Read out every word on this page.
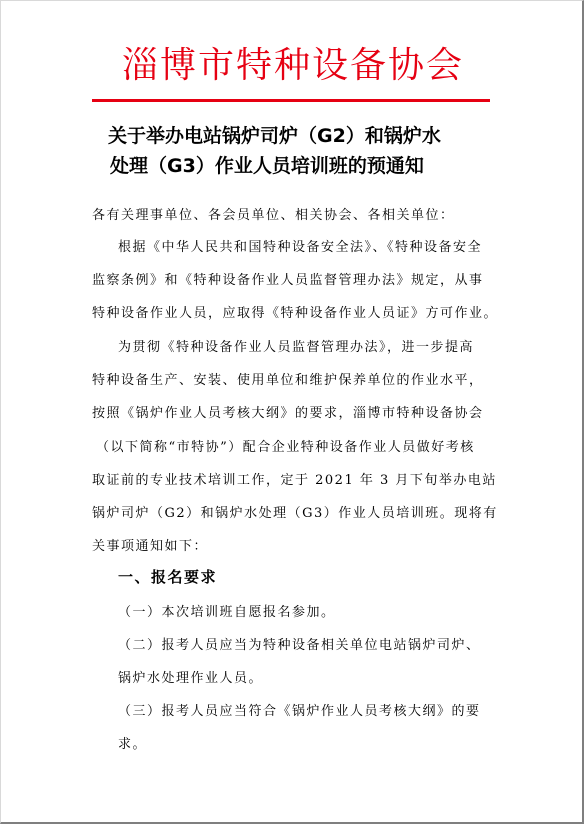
淄博市特种设备协会
关于举办电站锅炉司炉（G2）和锅炉水
处理（G3）作业人员培训班的预通知
各有关理事单位、各会员单位、相关协会、各相关单位：
根据《中华人民共和国特种设备安全法》、《特种设备安全
监察条例》和《特种设备作业人员监督管理办法》规定，从事
特种设备作业人员，应取得《特种设备作业人员证》方可作业。
为贯彻《特种设备作业人员监督管理办法》，进一步提高
特种设备生产、安装、使用单位和维护保养单位的作业水平，
按照《锅炉作业人员考核大纲》的要求，淄博市特种设备协会
（以下简称“市特协”）配合企业特种设备作业人员做好考核
取证前的专业技术培训工作，定于 2021 年 3 月下旬举办电站
锅炉司炉（G2）和锅炉水处理（G3）作业人员培训班。现将有
关事项通知如下：
一、报名要求
（一）本次培训班自愿报名参加。
（二）报考人员应当为特种设备相关单位电站锅炉司炉、
锅炉水处理作业人员。
（三）报考人员应当符合《锅炉作业人员考核大纲》的要
求。
